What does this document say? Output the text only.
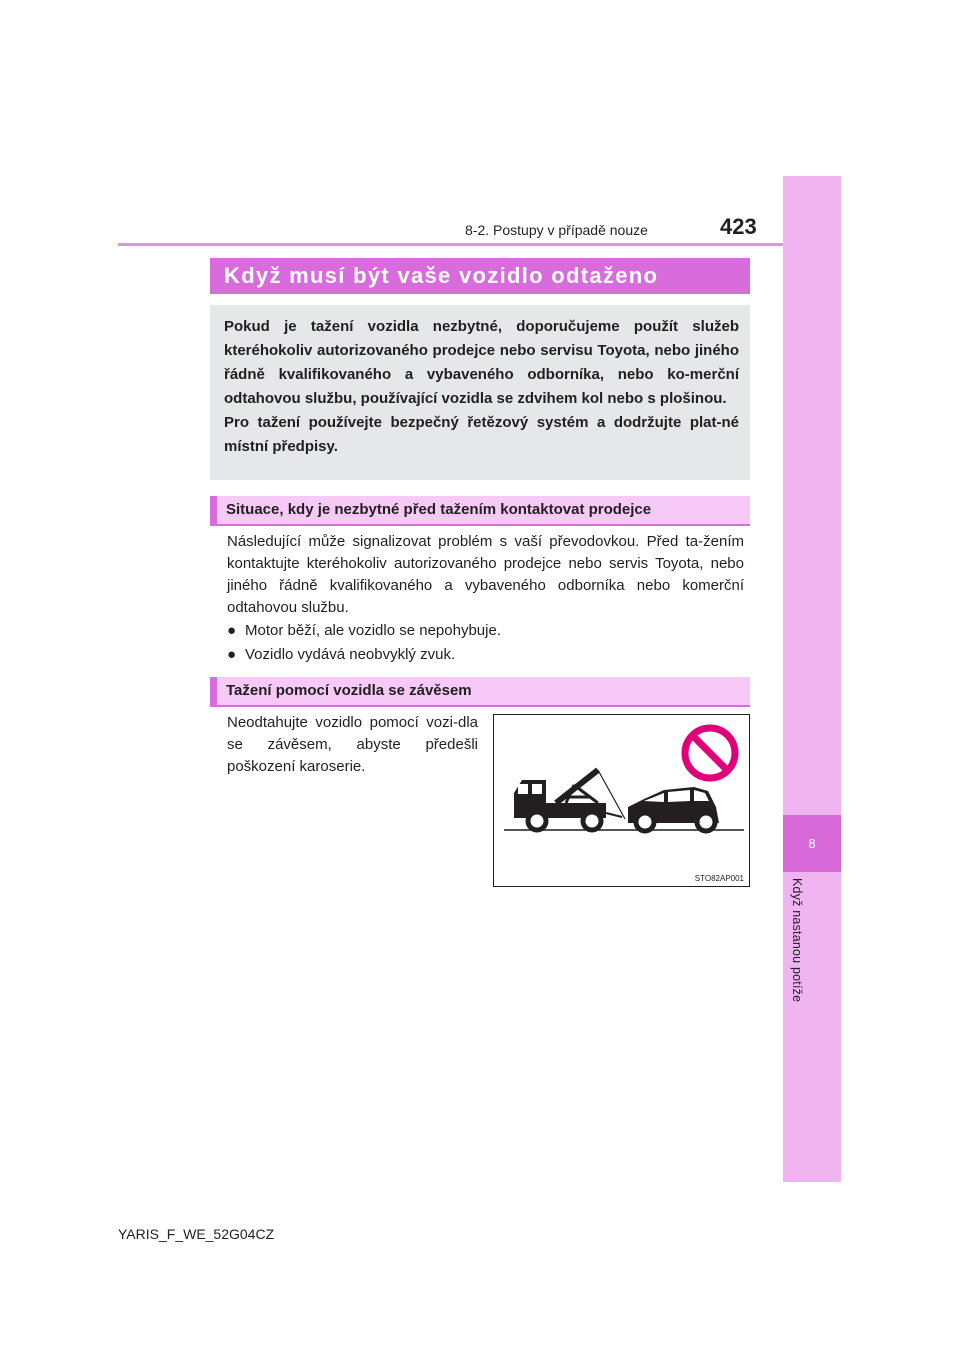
8
Když nastanou potíže
8-2. Postupy v případě nouze	423
Když musí být vaše vozidlo odtaženo

Pokud je tažení vozidla nezbytné, doporučujeme použít služeb kteréhokoliv autorizovaného prodejce nebo servisu Toyota, nebo jiného řádně kvalifikovaného a vybaveného odborníka, nebo ko-merční odtahovou službu, používající vozidla se zdvihem kol nebo s plošinou.

Pro tažení používejte bezpečný řetězový systém a dodržujte plat-né místní předpisy.

Situace, kdy je nezbytné před tažením kontaktovat prodejce

Následující může signalizovat problém s vaší převodovkou. Před ta-žením kontaktujte kteréhokoliv autorizovaného prodejce nebo servis Toyota, nebo jiného řádně kvalifikovaného a vybaveného odborníka nebo komerční odtahovou službu.

● Motor běží, ale vozidlo se nepohybuje.
● Vozidlo vydává neobvyklý zvuk.
Tažení pomocí vozidla se závěsem
Neodtahujte vozidlo pomocí vozi-dla se závěsem, abyste předešli poškození karoserie.
STO82AP001
YARIS_F_WE_52G04CZ
